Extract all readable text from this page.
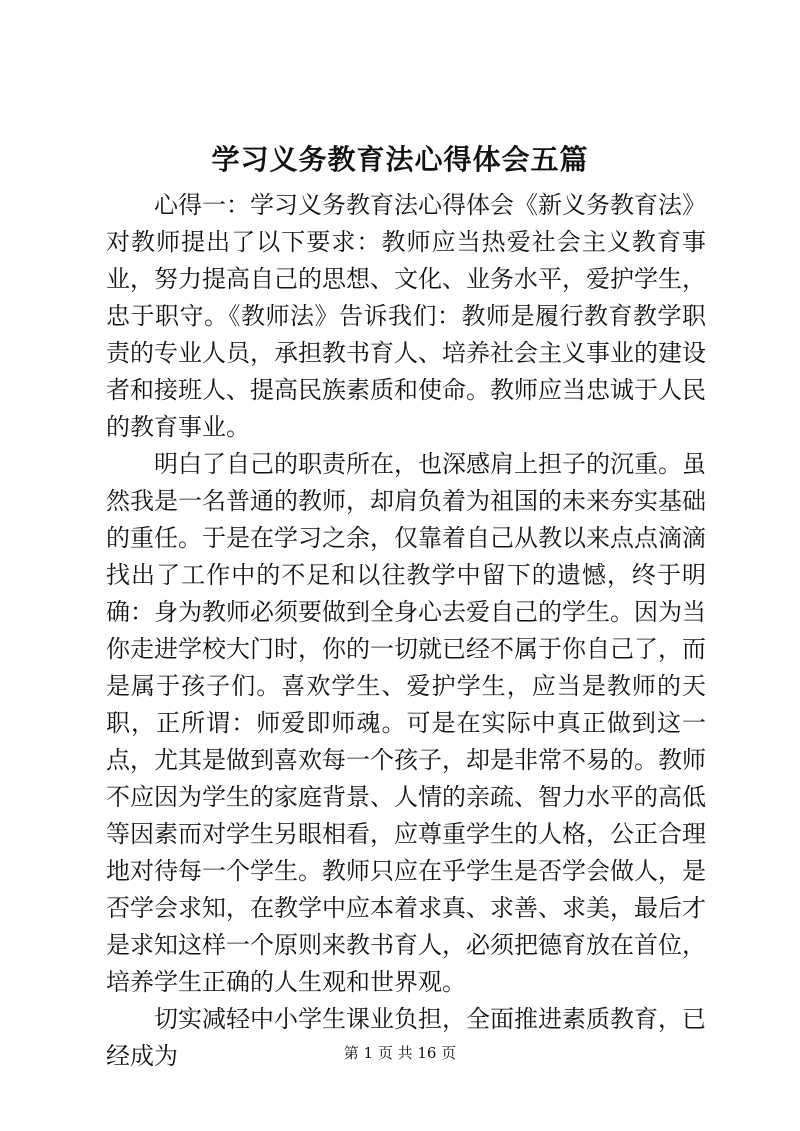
学习义务教育法心得体会五篇

心得一：学习义务教育法心得体会《新义务教育法》对教师提出了以下要求：教师应当热爱社会主义教育事业，努力提高自己的思想、文化、业务水平，爱护学生，忠于职守。《教师法》告诉我们：教师是履行教育教学职责的专业人员，承担教书育人、培养社会主义事业的建设者和接班人、提高民族素质和使命。教师应当忠诚于人民的教育事业。

明白了自己的职责所在，也深感肩上担子的沉重。虽然我是一名普通的教师，却肩负着为祖国的未来夯实基础的重任。于是在学习之余，仅靠着自己从教以来点点滴滴找出了工作中的不足和以往教学中留下的遗憾，终于明确：身为教师必须要做到全身心去爱自己的学生。因为当你走进学校大门时，你的一切就已经不属于你自己了，而是属于孩子们。喜欢学生、爱护学生，应当是教师的天职，正所谓：师爱即师魂。可是在实际中真正做到这一点，尤其是做到喜欢每一个孩子，却是非常不易的。教师不应因为学生的家庭背景、人情的亲疏、智力水平的高低等因素而对学生另眼相看，应尊重学生的人格，公正合理地对待每一个学生。教师只应在乎学生是否学会做人，是否学会求知，在教学中应本着求真、求善、求美，最后才是求知这样一个原则来教书育人，必须把德育放在首位，培养学生正确的人生观和世界观。

切实减轻中小学生课业负担，全面推进素质教育，已经成为	第 1 页 共 16 页
